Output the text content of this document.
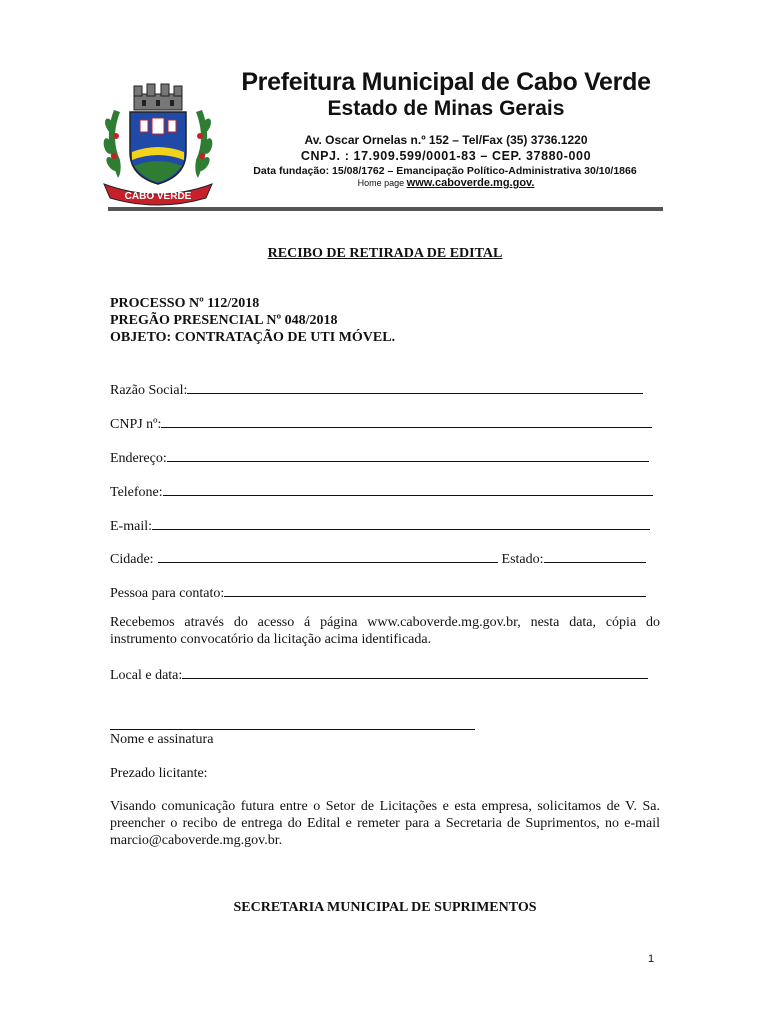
CABO VERDE
Prefeitura Municipal de Cabo Verde
Estado de Minas Gerais
Av. Oscar Ornelas n.º 152 – Tel/Fax (35) 3736.1220
CNPJ. : 17.909.599/0001-83 – CEP. 37880-000
Data fundação: 15/08/1762 – Emancipação Político-Administrativa 30/10/1866
Home page www.caboverde.mg.gov.
RECIBO DE RETIRADA DE EDITAL
PROCESSO Nº 112/2018
PREGÃO PRESENCIAL Nº 048/2018
OBJETO: CONTRATAÇÃO DE UTI MÓVEL.
Razão Social:
CNPJ nº:
Endereço:
Telefone:
E-mail:
Cidade:	Estado:
Pessoa para contato:
Recebemos através do acesso á página www.caboverde.mg.gov.br, nesta data, cópia do instrumento convocatório da licitação acima identificada.
Local e data:
Nome e assinatura
Prezado licitante:
Visando comunicação futura entre o Setor de Licitações e esta empresa, solicitamos de V. Sa. preencher o recibo de entrega do Edital e remeter para a Secretaria de Suprimentos, no e-mail marcio@caboverde.mg.gov.br.
SECRETARIA MUNICIPAL DE SUPRIMENTOS
1
